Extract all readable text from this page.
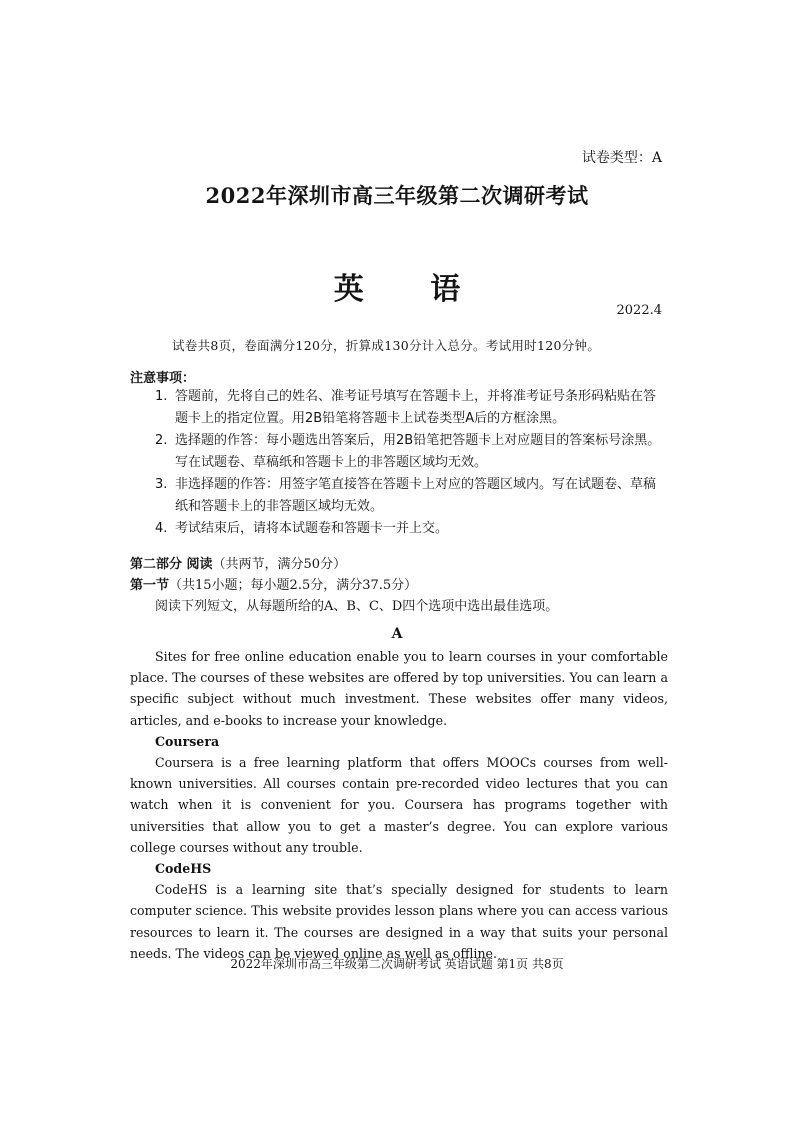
试卷类型：A
2022年深圳市高三年级第二次调研考试
英 语
2022.4
试卷共8页，卷面满分120分，折算成130分计入总分。考试用时120分钟。
注意事项：
1. 答题前，先将自己的姓名、准考证号填写在答题卡上，并将准考证号条形码粘贴在答题卡上的指定位置。用2B铅笔将答题卡上试卷类型A后的方框涂黑。
2. 选择题的作答：每小题选出答案后，用2B铅笔把答题卡上对应题目的答案标号涂黑。写在试题卷、草稿纸和答题卡上的非答题区域均无效。
3. 非选择题的作答：用签字笔直接答在答题卡上对应的答题区域内。写在试题卷、草稿纸和答题卡上的非答题区域均无效。
4. 考试结束后，请将本试题卷和答题卡一并上交。
第二部分 阅读（共两节，满分50分）
第一节（共15小题；每小题2.5分，满分37.5分）
阅读下列短文，从每题所给的A、B、C、D四个选项中选出最佳选项。
A

Sites for free online education enable you to learn courses in your comfortable place. The courses of these websites are offered by top universities. You can learn a specific subject without much investment. These websites offer many videos, articles, and e-books to increase your knowledge.

Coursera

Coursera is a free learning platform that offers MOOCs courses from well-known universities. All courses contain pre-recorded video lectures that you can watch when it is convenient for you. Coursera has programs together with universities that allow you to get a master’s degree. You can explore various college courses without any trouble.

CodeHS

CodeHS is a learning site that’s specially designed for students to learn computer science. This website provides lesson plans where you can access various resources to learn it. The courses are designed in a way that suits your personal needs. The videos can be viewed online as well as offline.

2022年深圳市高三年级第二次调研考试 英语试题 第1页 共8页
